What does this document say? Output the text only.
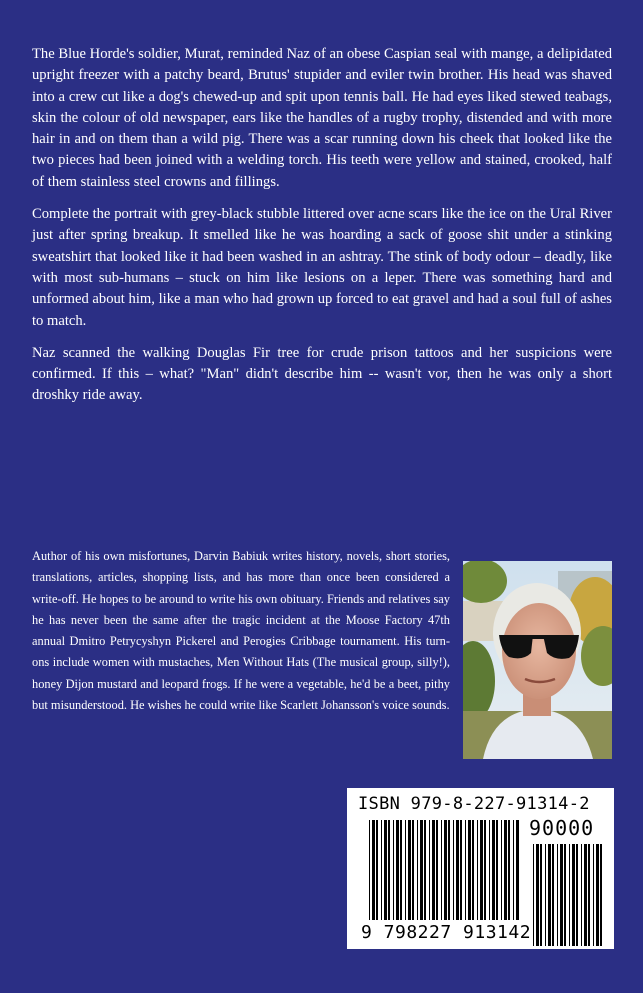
The Blue Horde's soldier, Murat, reminded Naz of an obese Caspian seal with mange, a delipidated upright freezer with a patchy beard, Brutus' stupider and eviler twin brother. His head was shaved into a crew cut like a dog's chewed-up and spit upon tennis ball. He had eyes liked stewed teabags, skin the colour of old newspaper, ears like the handles of a rugby trophy, distended and with more hair in and on them than a wild pig. There was a scar running down his cheek that looked like the two pieces had been joined with a welding torch. His teeth were yellow and stained, crooked, half of them stainless steel crowns and fillings.

Complete the portrait with grey-black stubble littered over acne scars like the ice on the Ural River just after spring breakup. It smelled like he was hoarding a sack of goose shit under a stinking sweatshirt that looked like it had been washed in an ashtray. The stink of body odour – deadly, like with most sub-humans – stuck on him like lesions on a leper. There was something hard and unformed about him, like a man who had grown up forced to eat gravel and had a soul full of ashes to match.

Naz scanned the walking Douglas Fir tree for crude prison tattoos and her suspicions were confirmed. If this – what? "Man" didn't describe him -- wasn't vor, then he was only a short droshky ride away.

Author of his own misfortunes, Darvin Babiuk writes history, novels, short stories, translations, articles, shopping lists, and has more than once been considered a write-off. He hopes to be around to write his own obituary. Friends and relatives say he has never been the same after the tragic incident at the Moose Factory 47th annual Dmitro Petrycyshyn Pickerel and Perogies Cribbage tournament. His turn-ons include women with mustaches, Men Without Hats (The musical group, silly!), honey Dijon mustard and leopard frogs. If he were a vegetable, he'd be a beet, pithy but misunderstood. He wishes he could write like Scarlett Johansson's voice sounds.

ISBN 979-8-227-91314-2
90000
9 798227 913142
